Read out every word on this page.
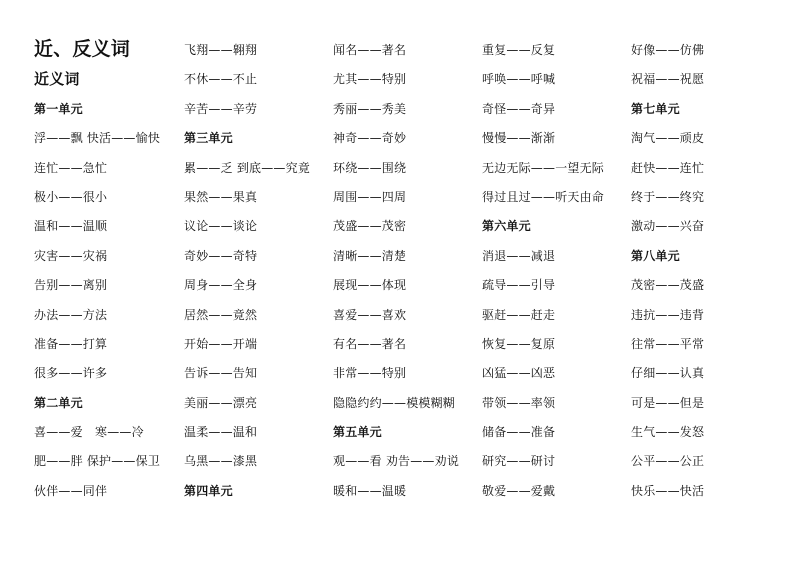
近、反义词
近义词
第一单元
浮——飘 快活——愉快
连忙——急忙
极小——很小
温和——温顺
灾害——灾祸
告别——离别
办法——方法
准备——打算
很多——许多
第二单元
喜——爱　寒——冷
肥——胖 保护——保卫
伙伴——同伴
飞翔——翱翔
不休——不止
辛苦——辛劳
第三单元
累——乏 到底——究竟
果然——果真
议论——谈论
奇妙——奇特
周身——全身
居然——竟然
开始——开端
告诉——告知
美丽——漂亮
温柔——温和
乌黑——漆黑
第四单元
闻名——著名
尤其——特别
秀丽——秀美
神奇——奇妙
环绕——围绕
周围——四周
茂盛——茂密
清晰——清楚
展现——体现
喜爱——喜欢
有名——著名
非常——特别
隐隐约约——模模糊糊
第五单元
观——看 劝告——劝说
暖和——温暖
重复——反复
呼唤——呼喊
奇怪——奇异
慢慢——渐渐
无边无际——一望无际
得过且过——听天由命
第六单元
消退——减退
疏导——引导
驱赶——赶走
恢复——复原
凶猛——凶恶
带领——率领
储备——准备
研究——研讨
敬爱——爱戴
好像——仿佛
祝福——祝愿
第七单元
淘气——顽皮
赶快——连忙
终于——终究
激动——兴奋
第八单元
茂密——茂盛
违抗——违背
往常——平常
仔细——认真
可是——但是
生气——发怒
公平——公正
快乐——快活
